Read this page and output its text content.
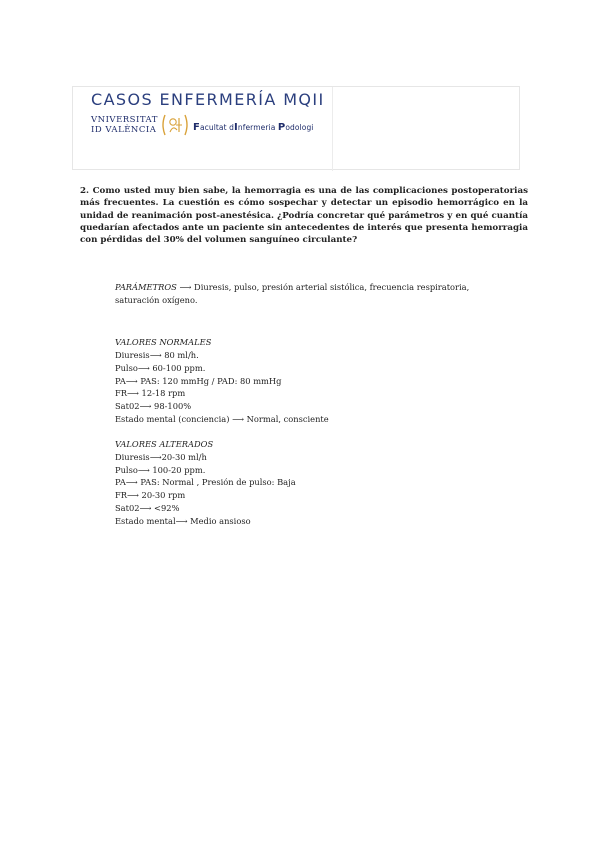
CASOS ENFERMERÍA MQII
VNIVERSITAT
ID VALÈNCIA	Facultat dInfermeria Podologi

2. Como usted muy bien sabe, la hemorragia es una de las complicaciones postoperatorias más frecuentes. La cuestión es cómo sospechar y detectar un episodio hemorrágico en la unidad de reanimación post-anestésica. ¿Podría concretar qué parámetros y en qué cuantía quedarían afectados ante un paciente sin antecedentes de interés que presenta hemorragia con pérdidas del 30% del volumen sanguíneo circulante?

PARÁMETROS ⟶ Diuresis, pulso, presión arterial sistólica, frecuencia respiratoria, saturación oxígeno.

VALORES NORMALES

Diuresis⟶ 80 ml/h.

Pulso⟶ 60-100 ppm.

PA⟶ PAS: 120 mmHg / PAD: 80 mmHg

FR⟶ 12-18 rpm

Sat02⟶ 98-100%

Estado mental (conciencia) ⟶ Normal, consciente

VALORES ALTERADOS

Diuresis⟶20-30 ml/h

Pulso⟶ 100-20 ppm.

PA⟶ PAS: Normal , Presión de pulso: Baja

FR⟶ 20-30 rpm

Sat02⟶ <92%

Estado mental⟶ Medio ansioso
